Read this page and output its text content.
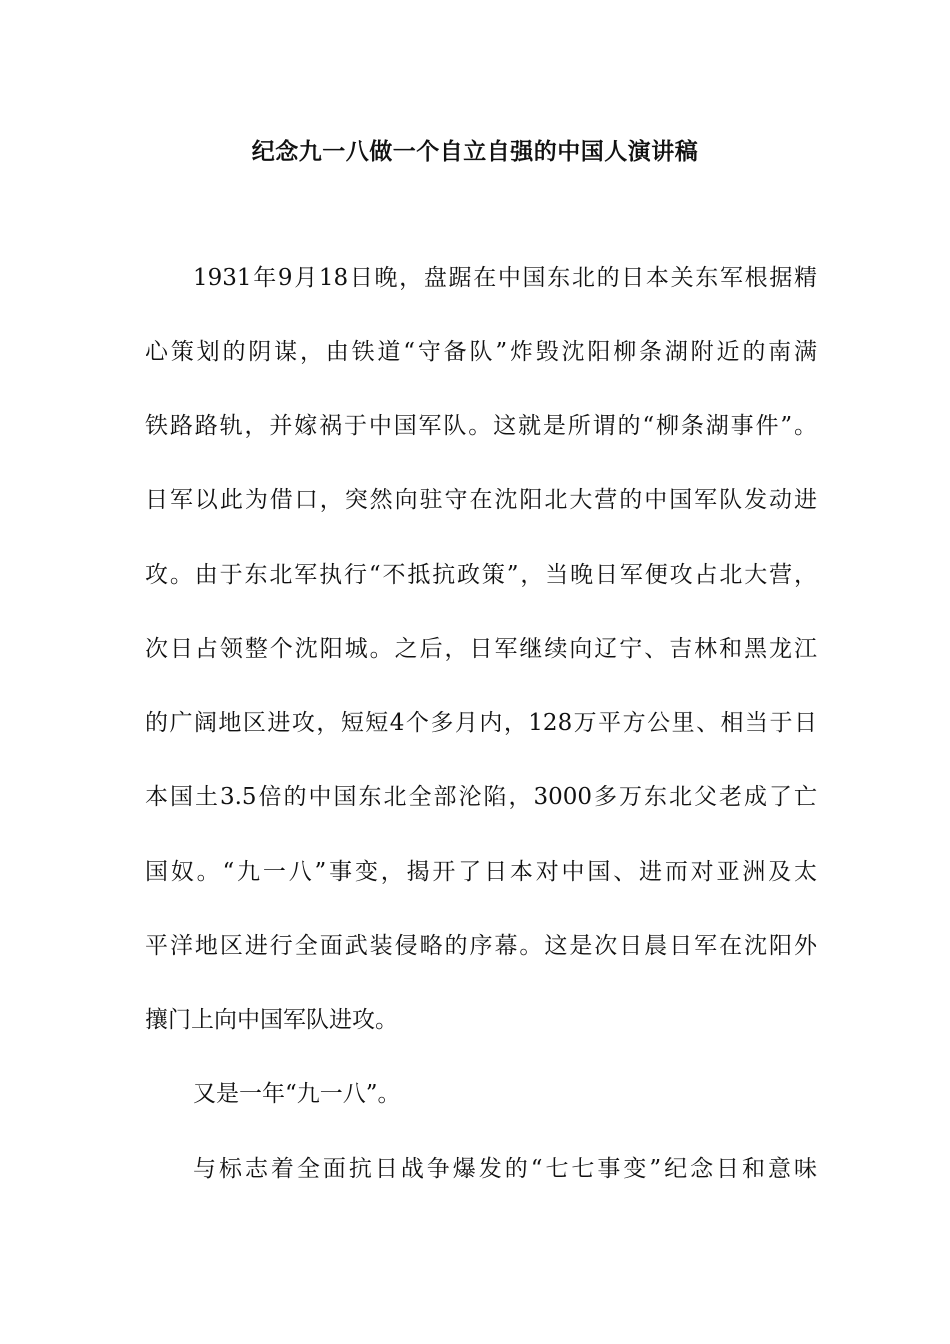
纪念九一八做一个自立自强的中国人演讲稿
1931年9月18日晚，盘踞在中国东北的日本关东军根据精
心策划的阴谋，由铁道“守备队”炸毁沈阳柳条湖附近的南满
铁路路轨，并嫁祸于中国军队。这就是所谓的“柳条湖事件”。
日军以此为借口，突然向驻守在沈阳北大营的中国军队发动进
攻。由于东北军执行“不抵抗政策”，当晚日军便攻占北大营，
次日占领整个沈阳城。之后，日军继续向辽宁、吉林和黑龙江
的广阔地区进攻，短短4个多月内，128万平方公里、相当于日
本国土3.5倍的中国东北全部沦陷，3000多万东北父老成了亡
国奴。“九一八”事变，揭开了日本对中国、进而对亚洲及太
平洋地区进行全面武装侵略的序幕。这是次日晨日军在沈阳外
攘门上向中国军队进攻。
又是一年“九一八”。
与标志着全面抗日战争爆发的“七七事变”纪念日和意味
